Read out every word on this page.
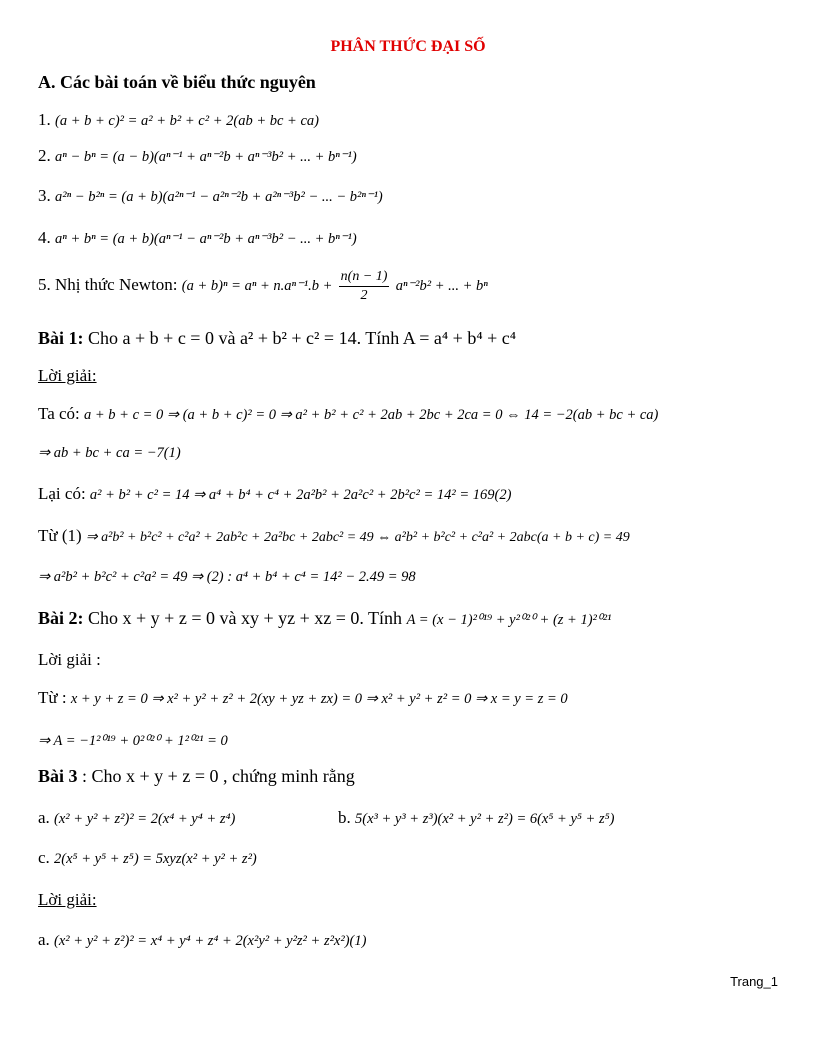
PHÂN THỨC ĐẠI SỐ
A. Các bài toán về biểu thức nguyên
1. (a + b + c)² = a² + b² + c² + 2(ab + bc + ca)
2. aⁿ − bⁿ = (a − b)(aⁿ⁻¹ + aⁿ⁻²b + aⁿ⁻³b² + ... + bⁿ⁻¹)
3. a²ⁿ − b²ⁿ = (a + b)(a²ⁿ⁻¹ − a²ⁿ⁻²b + a²ⁿ⁻³b² − ... − b²ⁿ⁻¹)
4. aⁿ + bⁿ = (a + b)(aⁿ⁻¹ − aⁿ⁻²b + aⁿ⁻³b² − ... + bⁿ⁻¹)
5. Nhị thức Newton: $(a + b)^n = a^n + n.a^{n-1}.b + \frac{n(n - 1)}{2} a^{n-2}b^2$ + ... + bⁿ
Bài 1: Cho a + b + c = 0 và a² + b² + c² = 14. Tính A = a⁴ + b⁴ + c⁴
Lời giải:
Ta có: a + b + c = 0 ⇒ (a + b + c)² = 0 ⇒ a² + b² + c² + 2ab + 2bc + 2ca = 0 ⇔ 14 = −2(ab + bc + ca)
⇒ ab + bc + ca = −7(1)
Lại có: a² + b² + c² = 14 ⇒ a⁴ + b⁴ + c⁴ + 2a²b² + 2a²c² + 2b²c² = 14² = 169(2)
Từ (1) ⇒ a²b² + b²c² + c²a² + 2ab²c + 2a²bc + 2abc² = 49 ⇔ a²b² + b²c² + c²a² + 2abc(a + b + c) = 49
⇒ a²b² + b²c² + c²a² = 49 ⇒ (2) : a⁴ + b⁴ + c⁴ = 14² − 2.49 = 98
Bài 2: Cho x + y + z = 0 và xy + yz + xz = 0. Tính A = (x − 1)²⁰¹⁹ + y²⁰²⁰ + (z + 1)²⁰²¹
Lời giải :
Từ : x + y + z = 0 ⇒ x² + y² + z² + 2(xy + yz + zx) = 0 ⇒ x² + y² + z² = 0 ⇒ x = y = z = 0
⇒ A = −1²⁰¹⁹ + 0²⁰²⁰ + 1²⁰²¹ = 0
Bài 3 : Cho x + y + z = 0 , chứng minh rằng
a. (x² + y² + z²)² = 2(x⁴ + y⁴ + z⁴)	b. 5(x³ + y³ + z³)(x² + y² + z²) = 6(x⁵ + y⁵ + z⁵)
c. 2(x⁵ + y⁵ + z⁵) = 5xyz(x² + y² + z²)
Lời giải:
a. (x² + y² + z²)² = x⁴ + y⁴ + z⁴ + 2(x²y² + y²z² + z²x²)(1)
Trang_1
